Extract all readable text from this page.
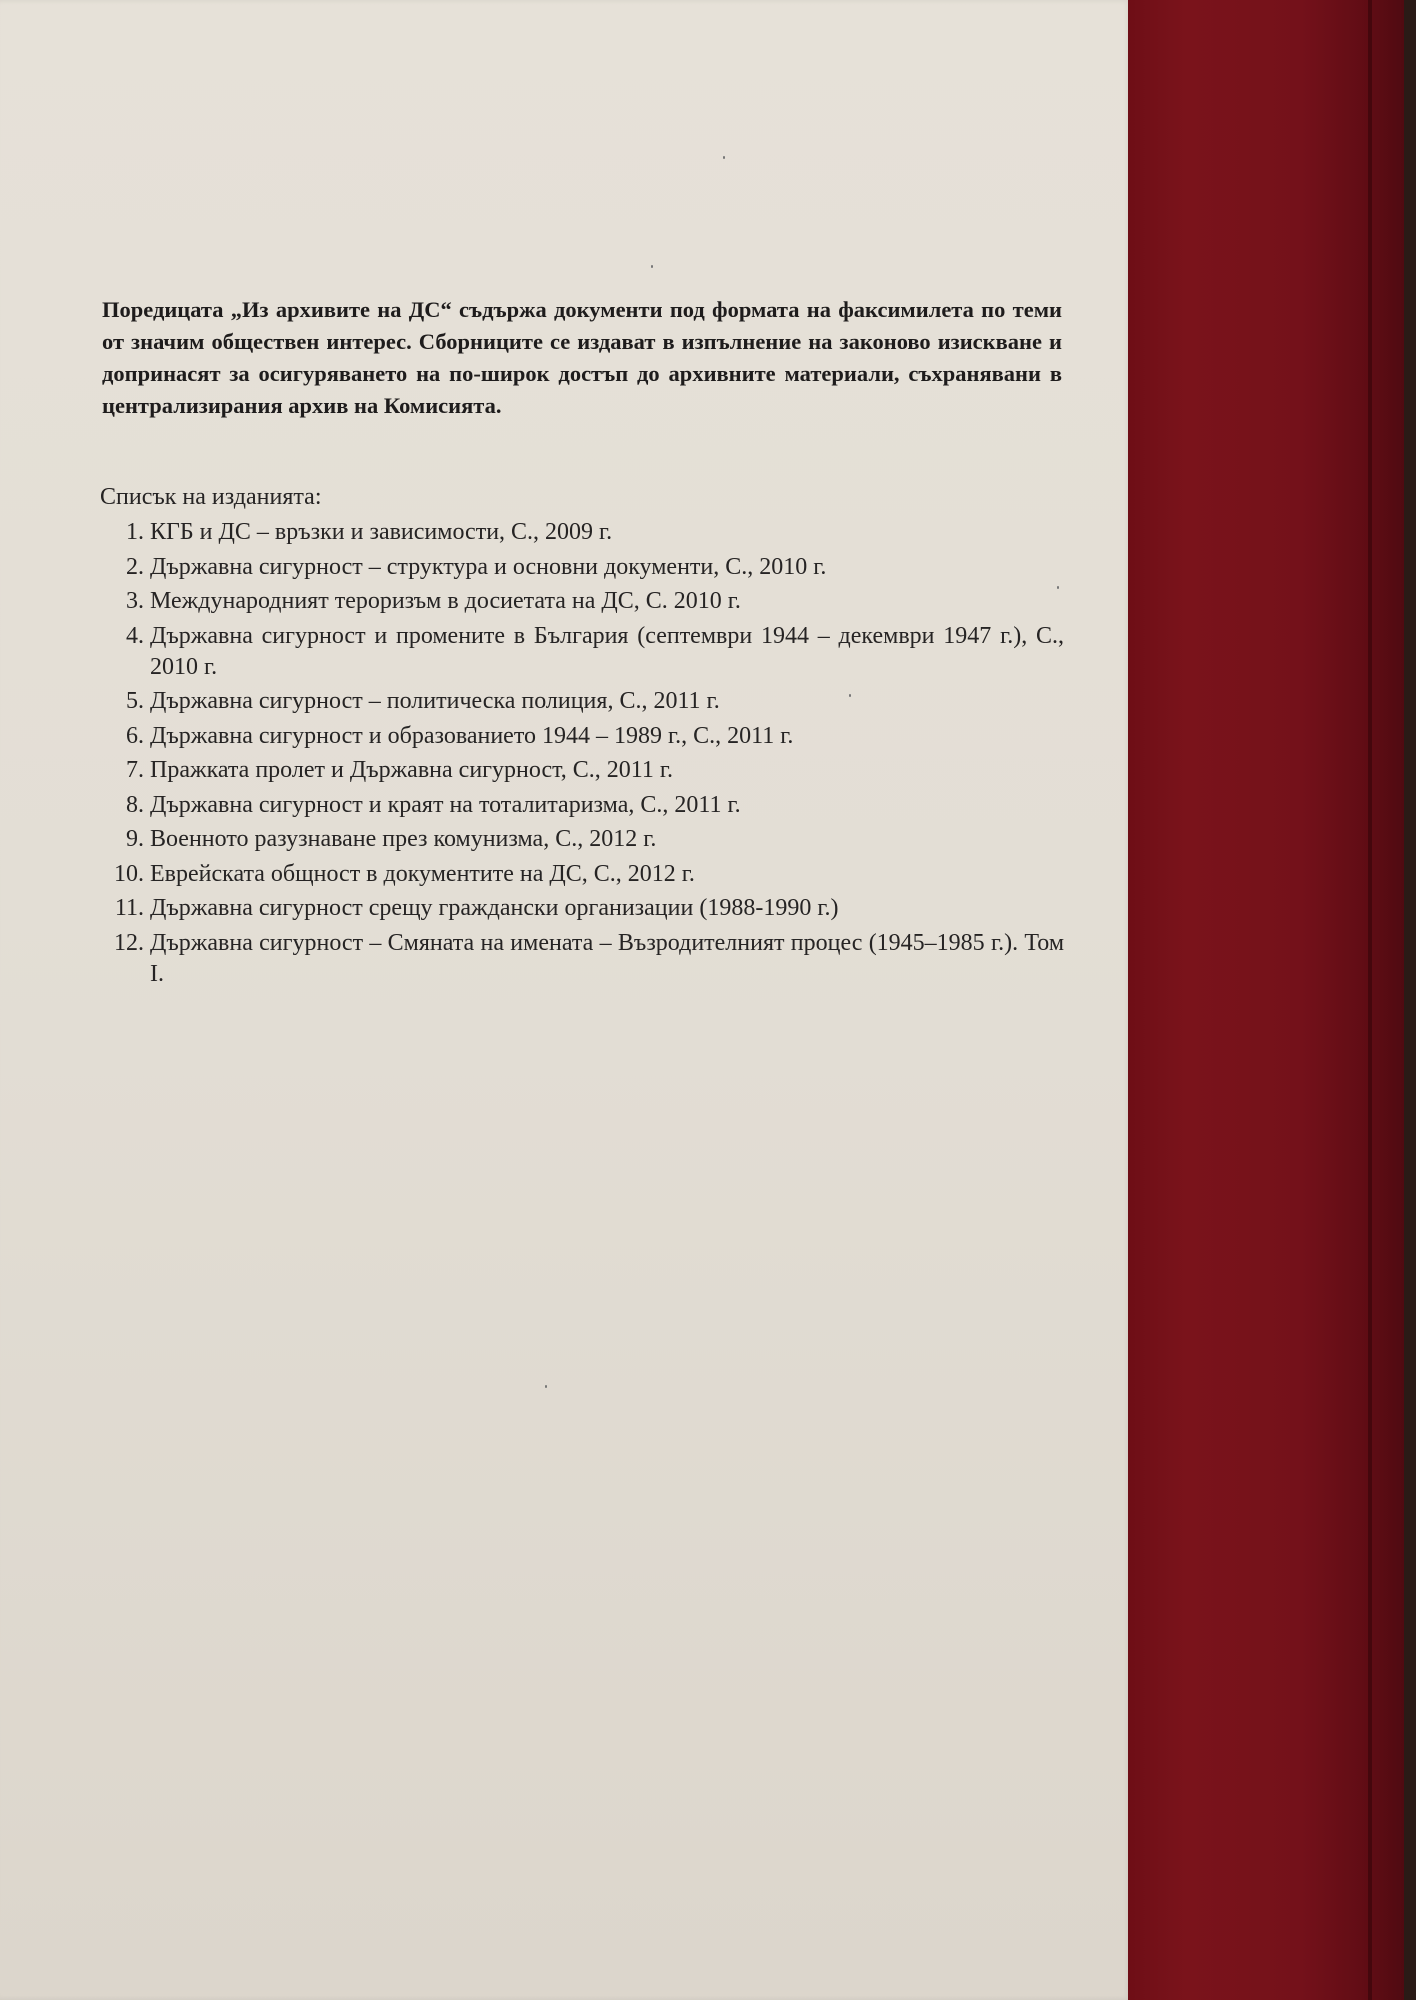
Поредицата „Из архивите на ДС“ съдържа документи под формата на факсимилета по теми от значим обществен интерес. Сборниците се издават в изпълнение на законово изискване и допринасят за осигуряването на по-широк достъп до архивните материали, съхранявани в централизирания архив на Комисията.

Списък на изданията:
1. КГБ и ДС – връзки и зависимости, С., 2009 г.
2. Държавна сигурност – структура и основни документи, С., 2010 г.
3. Международният тероризъм в досиетата на ДС, С. 2010 г.
4. Държавна сигурност и промените в България (септември 1944 – декември 1947 г.), С., 2010 г.
5. Държавна сигурност – политическа полиция, С., 2011 г.
6. Държавна сигурност и образованието 1944 – 1989 г., С., 2011 г.
7. Пражката пролет и Държавна сигурност, С., 2011 г.
8. Държавна сигурност и краят на тоталитаризма, С., 2011 г.
9. Военното разузнаване през комунизма, С., 2012 г.
10. Еврейската общност в документите на ДС, С., 2012 г.
11. Държавна сигурност срещу граждански организации (1988-1990 г.)
12. Държавна сигурност – Смяната на имената – Възродителният процес (1945–1985 г.). Том I.
